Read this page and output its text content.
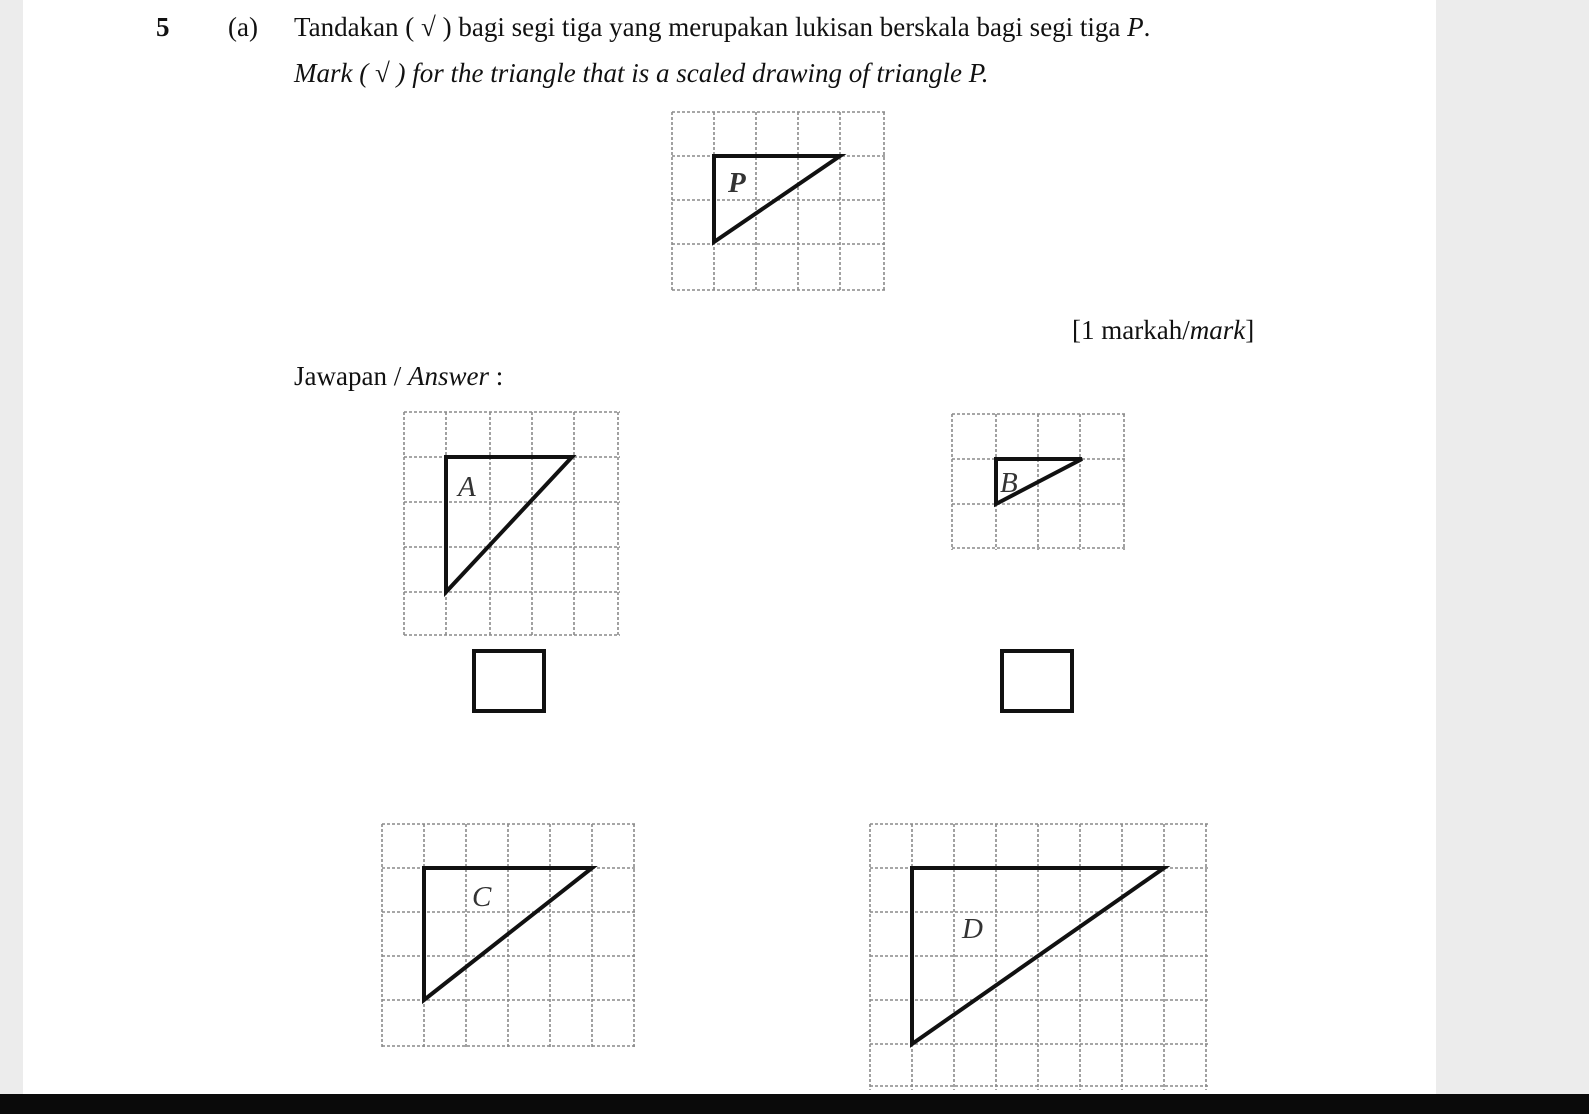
5 (a) Tandakan ( √ ) bagi segi tiga yang merupakan lukisan berskala bagi segi tiga P.
Mark ( √ ) for the triangle that is a scaled drawing of triangle P.
P
[1 markah/mark]
Jawapan / Answer :
A	B
C
D
